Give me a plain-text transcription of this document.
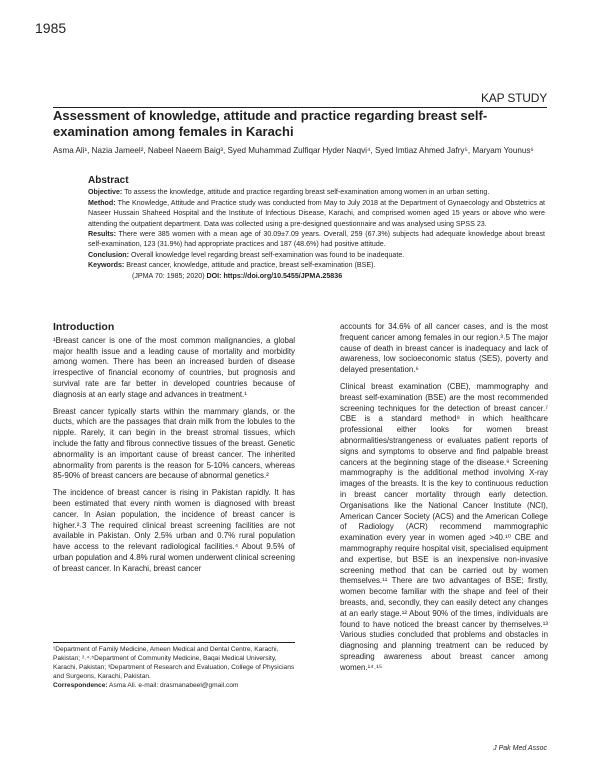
1985
KAP STUDY
Assessment of knowledge, attitude and practice regarding breast self-examination among females in Karachi
Asma Ali¹, Nazia Jameel², Nabeel Naeem Baig³, Syed Muhammad Zulfiqar Hyder Naqvi⁴, Syed Imtiaz Ahmed Jafry⁵, Maryam Younus⁶
Abstract

Objective: To assess the knowledge, attitude and practice regarding breast self-examination among women in an urban setting.

Method: The Knowledge, Attitude and Practice study was conducted from May to July 2018 at the Department of Gynaecology and Obstetrics at Naseer Hussain Shaheed Hospital and the Institute of Infectious Disease, Karachi, and comprised women aged 15 years or above who were attending the outpatient department. Data was collected using a pre-designed questionnaire and was analysed using SPSS 23.

Results: There were 385 women with a mean age of 30.09±7.09 years. Overall, 259 (67.3%) subjects had adequate knowledge about breast self-examination, 123 (31.9%) had appropriate practices and 187 (48.6%) had positive attitude.

Conclusion: Overall knowledge level regarding breast self-examination was found to be inadequate.

Keywords: Breast cancer, knowledge, attitude and practice, breast self-examination (BSE).

(JPMA 70: 1985; 2020) DOI: https://doi.org/10.5455/JPMA.25836

Introduction

¹Breast cancer is one of the most common malignancies, a global major health issue and a leading cause of mortality and morbidity among women. There has been an increased burden of disease irrespective of financial economy of countries, but prognosis and survival rate are far better in developed countries because of diagnosis at an early stage and advances in treatment.¹

Breast cancer typically starts within the mammary glands, or the ducts, which are the passages that drain milk from the lobules to the nipple. Rarely, it can begin in the breast stromal tissues, which include the fatty and fibrous connective tissues of the breast. Genetic abnormality is an important cause of breast cancer. The inherited abnormality from parents is the reason for 5-10% cancers, whereas 85-90% of breast cancers are because of abnormal genetics.²

The incidence of breast cancer is rising in Pakistan rapidly. It has been estimated that every ninth women is diagnosed with breast cancer. In Asian population, the incidence of breast cancer is higher.²˒3 The required clinical breast screening facilities are not available in Pakistan. Only 2.5% urban and 0.7% rural population have access to the relevant radiological facilities.⁴ About 9.5% of urban population and 4.8% rural women underwent clinical screening of breast cancer. In Karachi, breast cancer

accounts for 34.6% of all cancer cases, and is the most frequent cancer among females in our region.³˒5 The major cause of death in breast cancer is inadequacy and lack of awareness, low socioeconomic status (SES), poverty and delayed presentation.⁶

Clinical breast examination (CBE), mammography and breast self-examination (BSE) are the most recommended screening techniques for the detection of breast cancer.⁷ CBE is a standard method⁸ in which healthcare professional either looks for women breast abnormalities/strangeness or evaluates patient reports of signs and symptoms to observe and find palpable breast cancers at the beginning stage of the disease.⁹ Screening mammography is the additional method involving X-ray images of the breasts. It is the key to continuous reduction in breast cancer mortality through early detection. Organisations like the National Cancer Institute (NCI), American Cancer Society (ACS) and the American College of Radiology (ACR) recommend mammographic examination every year in women aged >40.¹⁰ CBE and mammography require hospital visit, specialised equipment and expertise, but BSE is an inexpensive non-invasive screening method that can be carried out by women themselves.¹¹ There are two advantages of BSE; firstly, women become familiar with the shape and feel of their breasts, and, secondly, they can easily detect any changes at an early stage.¹² About 90% of the times, individuals are found to have noticed the breast cancer by themselves.¹³ Various studies concluded that problems and obstacles in diagnosing and planning treatment can be reduced by spreading awareness about breast cancer among women.¹⁴˒¹⁵

¹Department of Family Medicine, Ameen Medical and Dental Centre, Karachi, Pakistan; ²˒⁴˒⁵Department of Community Medicine, Baqai Medical University, Karachi, Pakistan; ³Department of Research and Evaluation, College of Physicians and Surgeons, Karachi, Pakistan.

Correspondence: Asma Ali. e-mail: drasmanabeel@gmail.com

J Pak Med Assoc
